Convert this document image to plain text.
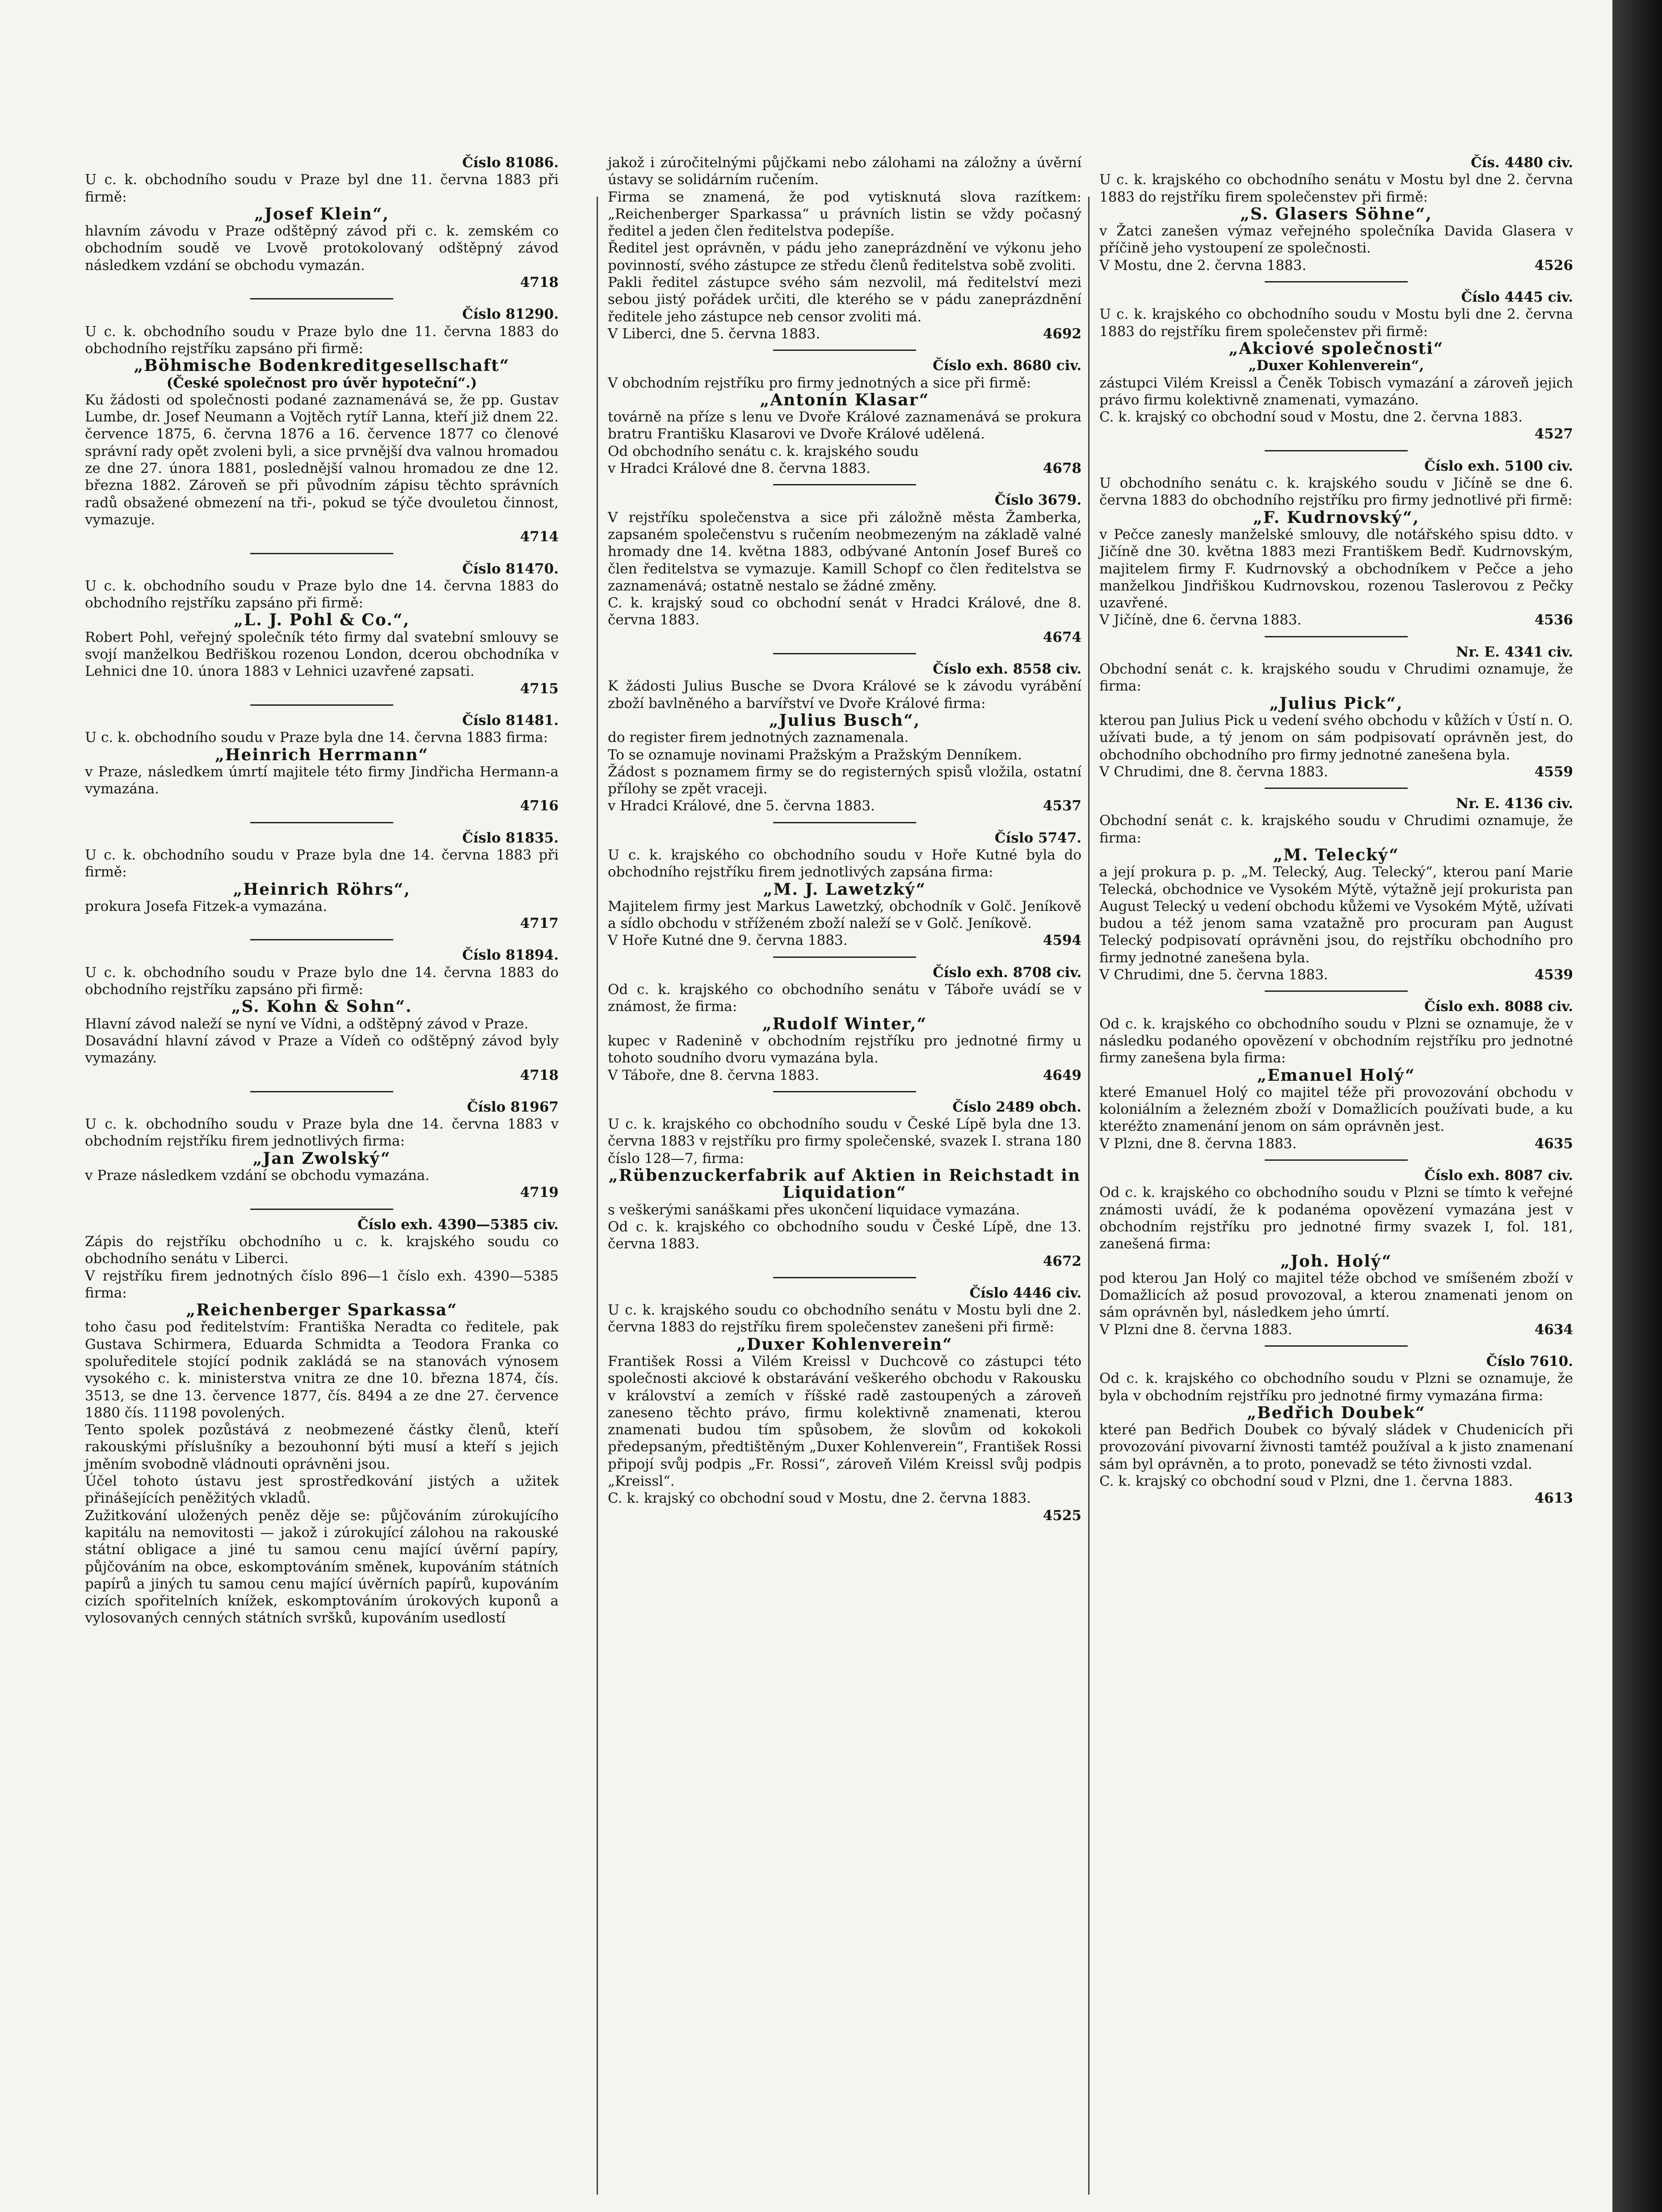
Číslo 81086.

U c. k. obchodního soudu v Praze byl dne 11. června 1883 při firmě:

„Josef Klein“,

hlavním závodu v Praze odštěpný závod při c. k. zemském co obchodním soudě ve Lvově protokolovaný odštěpný závod následkem vzdání se obchodu vymazán.

4718
Číslo 81290.

U c. k. obchodního soudu v Praze bylo dne 11. června 1883 do obchodního rejstříku zapsáno při firmě:

„Böhmische Bodenkreditgesellschaft“
(České společnost pro úvěr hypoteční“.)

Ku žádosti od společnosti podané zaznamenává se, že pp. Gustav Lumbe, dr. Josef Neumann a Vojtěch rytíř Lanna, kteří již dnem 22. července 1875, 6. června 1876 a 16. července 1877 co členové správní rady opět zvoleni byli, a sice prvnější dva valnou hromadou ze dne 27. února 1881, poslednější valnou hromadou ze dne 12. března 1882. Zároveň se při původním zápisu těchto správních radů obsažené obmezení na tři-, pokud se týče dvouletou činnost, vymazuje.

4714
Číslo 81470.

U c. k. obchodního soudu v Praze bylo dne 14. června 1883 do obchodního rejstříku zapsáno při firmě:

„L. J. Pohl & Co.“,

Robert Pohl, veřejný společník této firmy dal svatební smlouvy se svojí manželkou Bedřiškou rozenou London, dcerou obchodníka v Lehnici dne 10. února 1883 v Lehnici uzavřené zapsati.

4715
Číslo 81481.

U c. k. obchodního soudu v Praze byla dne 14. června 1883 firma:

„Heinrich Herrmann“

v Praze, následkem úmrtí majitele této firmy Jindřicha Hermann-a vymazána.

4716
Číslo 81835.

U c. k. obchodního soudu v Praze byla dne 14. června 1883 při firmě:

„Heinrich Röhrs“,

prokura Josefa Fitzek-a vymazána.

4717
Číslo 81894.

U c. k. obchodního soudu v Praze bylo dne 14. června 1883 do obchodního rejstříku zapsáno při firmě:

„S. Kohn & Sohn“.

Hlavní závod naleží se nyní ve Vídni, a odštěpný závod v Praze.

Dosavádní hlavní závod v Praze a Vídeň co odštěpný závod byly vymazány.

4718
Číslo 81967

U c. k. obchodního soudu v Praze byla dne 14. června 1883 v obchodním rejstříku firem jednotlivých firma:

„Jan Zwolský“

v Praze následkem vzdání se obchodu vymazána.

4719
Číslo exh. 4390—5385 civ.

Zápis do rejstříku obchodního u c. k. krajského soudu co obchodního senátu v Liberci.

V rejstříku firem jednotných číslo 896—1 číslo exh. 4390—5385 firma:

„Reichenberger Sparkassa“

toho času pod ředitelstvím: Františka Neradta co ředitele, pak Gustava Schirmera, Eduarda Schmidta a Teodora Franka co spoluředitele stojící podnik zakládá se na stanovách výnosem vysokého c. k. ministerstva vnitra ze dne 10. března 1874, čís. 3513, se dne 13. července 1877, čís. 8494 a ze dne 27. července 1880 čís. 11198 povolených.

Tento spolek pozůstává z neobmezené částky členů, kteří rakouskými příslušníky a bezouhonní býti musí a kteří s jejich jměním svobodně vládnouti oprávněni jsou.

Účel tohoto ústavu jest sprostředkování jistých a užitek přinášejících peněžitých vkladů.

Zužitkování uložených peněz děje se: půjčováním zúrokujícího kapitálu na nemovitosti — jakož i zúrokující zálohou na rakouské státní obligace a jiné tu samou cenu mající úvěrní papíry, půjčováním na obce, eskomptováním směnek, kupováním státních papírů a jiných tu samou cenu mající úvěrních papírů, kupováním cizích spořitelních knížek, eskomptováním úrokových kuponů a vylosovaných cenných státních svršků, kupováním usedlostí

jakož i zúročitelnými půjčkami nebo zálohami na záložny a úvěrní ústavy se solidárním ručením.

Firma se znamená, že pod vytisknutá slova razítkem: „Reichenberger Sparkassa“ u právních listin se vždy počasný ředitel a jeden člen ředitelstva podepíše.

Ředitel jest oprávněn, v pádu jeho zaneprázdnění ve výkonu jeho povinností, svého zástupce ze středu členů ředitelstva sobě zvoliti.

Pakli ředitel zástupce svého sám nezvolil, má ředitelství mezi sebou jistý pořádek určiti, dle kterého se v pádu zaneprázdnění ředitele jeho zástupce neb censor zvoliti má.

V Liberci, dne 5. června 1883.	4692
Číslo exh. 8680 civ.

V obchodním rejstříku pro firmy jednotných a sice při firmě:

„Antonín Klasar“

továrně na příze s lenu ve Dvoře Králové zaznamenává se prokura bratru Františku Klasarovi ve Dvoře Králové udělená.

Od obchodního senátu c. k. krajského soudu

v Hradci Králové dne 8. června 1883.	4678
Číslo 3679.

V rejstříku společenstva a sice při záložně města Žamberka, zapsaném společenstvu s ručením neobmezeným na základě valné hromady dne 14. května 1883, odbývané Antonín Josef Bureš co člen ředitelstva se vymazuje. Kamill Schopf co člen ředitelstva se zaznamenává; ostatně nestalo se žádné změny.

C. k. krajský soud co obchodní senát v Hradci Králové, dne 8. června 1883.

4674
Číslo exh. 8558 civ.

K žádosti Julius Busche se Dvora Králové se k závodu vyrábění zboží bavlněného a barvířství ve Dvoře Králové firma:

„Julius Busch“,

do register firem jednotných zaznamenala.

To se oznamuje novinami Pražským a Pražským Denníkem.

Žádost s poznamem firmy se do registerných spisů vložila, ostatní přílohy se zpět vraceji.

v Hradci Králové, dne 5. června 1883.	4537
Číslo 5747.

U c. k. krajského co obchodního soudu v Hoře Kutné byla do obchodního rejstříku firem jednotlivých zapsána firma:

„M. J. Lawetzký“

Majitelem firmy jest Markus Lawetzký, obchodník v Golč. Jeníkově a sídlo obchodu v stříženém zboží naleží se v Golč. Jeníkově.

V Hoře Kutné dne 9. června 1883.	4594
Číslo exh. 8708 civ.

Od c. k. krajského co obchodního senátu v Táboře uvádí se v známost, že firma:

„Rudolf Winter,“

kupec v Radenině v obchodním rejstříku pro jednotné firmy u tohoto soudního dvoru vymazána byla.

V Táboře, dne 8. června 1883.	4649
Číslo 2489 obch.

U c. k. krajského co obchodního soudu v České Lípě byla dne 13. června 1883 v rejstříku pro firmy společenské, svazek I. strana 180 číslo 128—7, firma:

„Rübenzuckerfabrik auf Aktien in Reichstadt in Liquidation“

s veškerými sanáškami přes ukončení liquidace vymazána.

Od c. k. krajského co obchodního soudu v České Lípě, dne 13. června 1883.

4672
Číslo 4446 civ.

U c. k. krajského soudu co obchodního senátu v Mostu byli dne 2. června 1883 do rejstříku firem společenstev zanešeni při firmě:

„Duxer Kohlenverein“

František Rossi a Vilém Kreissl v Duchcově co zástupci této společnosti akciové k obstarávání veškerého obchodu v Rakousku v království a zemích v říšské radě zastoupených a zároveň zaneseno těchto právo, firmu kolektivně znamenati, kterou znamenati budou tím spůsobem, že slovům od kokokoli předepsaným, předtištěným „Duxer Kohlenverein“, František Rossi připojí svůj podpis „Fr. Rossi“, zároveň Vilém Kreissl svůj podpis „Kreissl“.

C. k. krajský co obchodní soud v Mostu, dne 2. června 1883.

4525
Čís. 4480 civ.

U c. k. krajského co obchodního senátu v Mostu byl dne 2. června 1883 do rejstříku firem společenstev při firmě:

„S. Glasers Söhne“,

v Žatci zanešen výmaz veřejného společníka Davida Glasera v příčině jeho vystoupení ze společnosti.

V Mostu, dne 2. června 1883.	4526
Číslo 4445 civ.

U c. k. krajského co obchodního soudu v Mostu byli dne 2. června 1883 do rejstříku firem společenstev při firmě:

„Akciové společnosti“
„Duxer Kohlenverein“,

zástupci Vilém Kreissl a Čeněk Tobisch vymazání a zároveň jejich právo firmu kolektivně znamenati, vymazáno.

C. k. krajský co obchodní soud v Mostu, dne 2. června 1883.

4527
Číslo exh. 5100 civ.

U obchodního senátu c. k. krajského soudu v Jičíně se dne 6. června 1883 do obchodního rejstříku pro firmy jednotlivé při firmě:

„F. Kudrnovský“,

v Pečce zanesly manželské smlouvy, dle notářského spisu ddto. v Jičíně dne 30. května 1883 mezi Františkem Bedř. Kudrnovským, majitelem firmy F. Kudrnovský a obchodníkem v Pečce a jeho manželkou Jindřiškou Kudrnovskou, rozenou Taslerovou z Pečky uzavřené.

V Jičíně, dne 6. června 1883.	4536
Nr. E. 4341 civ.

Obchodní senát c. k. krajského soudu v Chrudimi oznamuje, že firma:

„Julius Pick“,

kterou pan Julius Pick u vedení svého obchodu v kůžích v Ústí n. O. užívati bude, a tý jenom on sám podpisovatí oprávněn jest, do obchodního obchodního pro firmy jednotné zanešena byla.

V Chrudimi, dne 8. června 1883.	4559
Nr. E. 4136 civ.

Obchodní senát c. k. krajského soudu v Chrudimi oznamuje, že firma:

„M. Telecký“

a její prokura p. p. „M. Telecký, Aug. Telecký“, kterou paní Marie Telecká, obchodnice ve Vysokém Mýtě, výtažně její prokurista pan August Telecký u vedení obchodu kůžemi ve Vysokém Mýtě, užívati budou a též jenom sama vzatažně pro procuram pan August Telecký podpisovatí oprávněni jsou, do rejstříku obchodního pro firmy jednotné zanešena byla.

V Chrudimi, dne 5. června 1883.	4539
Číslo exh. 8088 civ.

Od c. k. krajského co obchodního soudu v Plzni se oznamuje, že v následku podaného opovězení v obchodním rejstříku pro jednotné firmy zanešena byla firma:

„Emanuel Holý“

které Emanuel Holý co majitel téže při provozování obchodu v koloniálním a železném zboží v Domažlicích používati bude, a ku kteréžto znamenání jenom on sám oprávněn jest.

V Plzni, dne 8. června 1883.	4635
Číslo exh. 8087 civ.

Od c. k. krajského co obchodního soudu v Plzni se tímto k veřejné známosti uvádí, že k podanéma opovězení vymazána jest v obchodním rejstříku pro jednotné firmy svazek I, fol. 181, zanešená firma:

„Joh. Holý“

pod kterou Jan Holý co majitel téže obchod ve smíšeném zboží v Domažlicích až posud provozoval, a kterou znamenati jenom on sám oprávněn byl, následkem jeho úmrtí.

V Plzni dne 8. června 1883.	4634
Číslo 7610.

Od c. k. krajského co obchodního soudu v Plzni se oznamuje, že byla v obchodním rejstříku pro jednotné firmy vymazána firma:

„Bedřich Doubek“

které pan Bedřich Doubek co bývalý sládek v Chudenicích při provozování pivovarní živnosti tamtéž používal a k jisto znamenaní sám byl oprávněn, a to proto, ponevadž se této živnosti vzdal.

C. k. krajský co obchodní soud v Plzni, dne 1. června 1883.

4613
